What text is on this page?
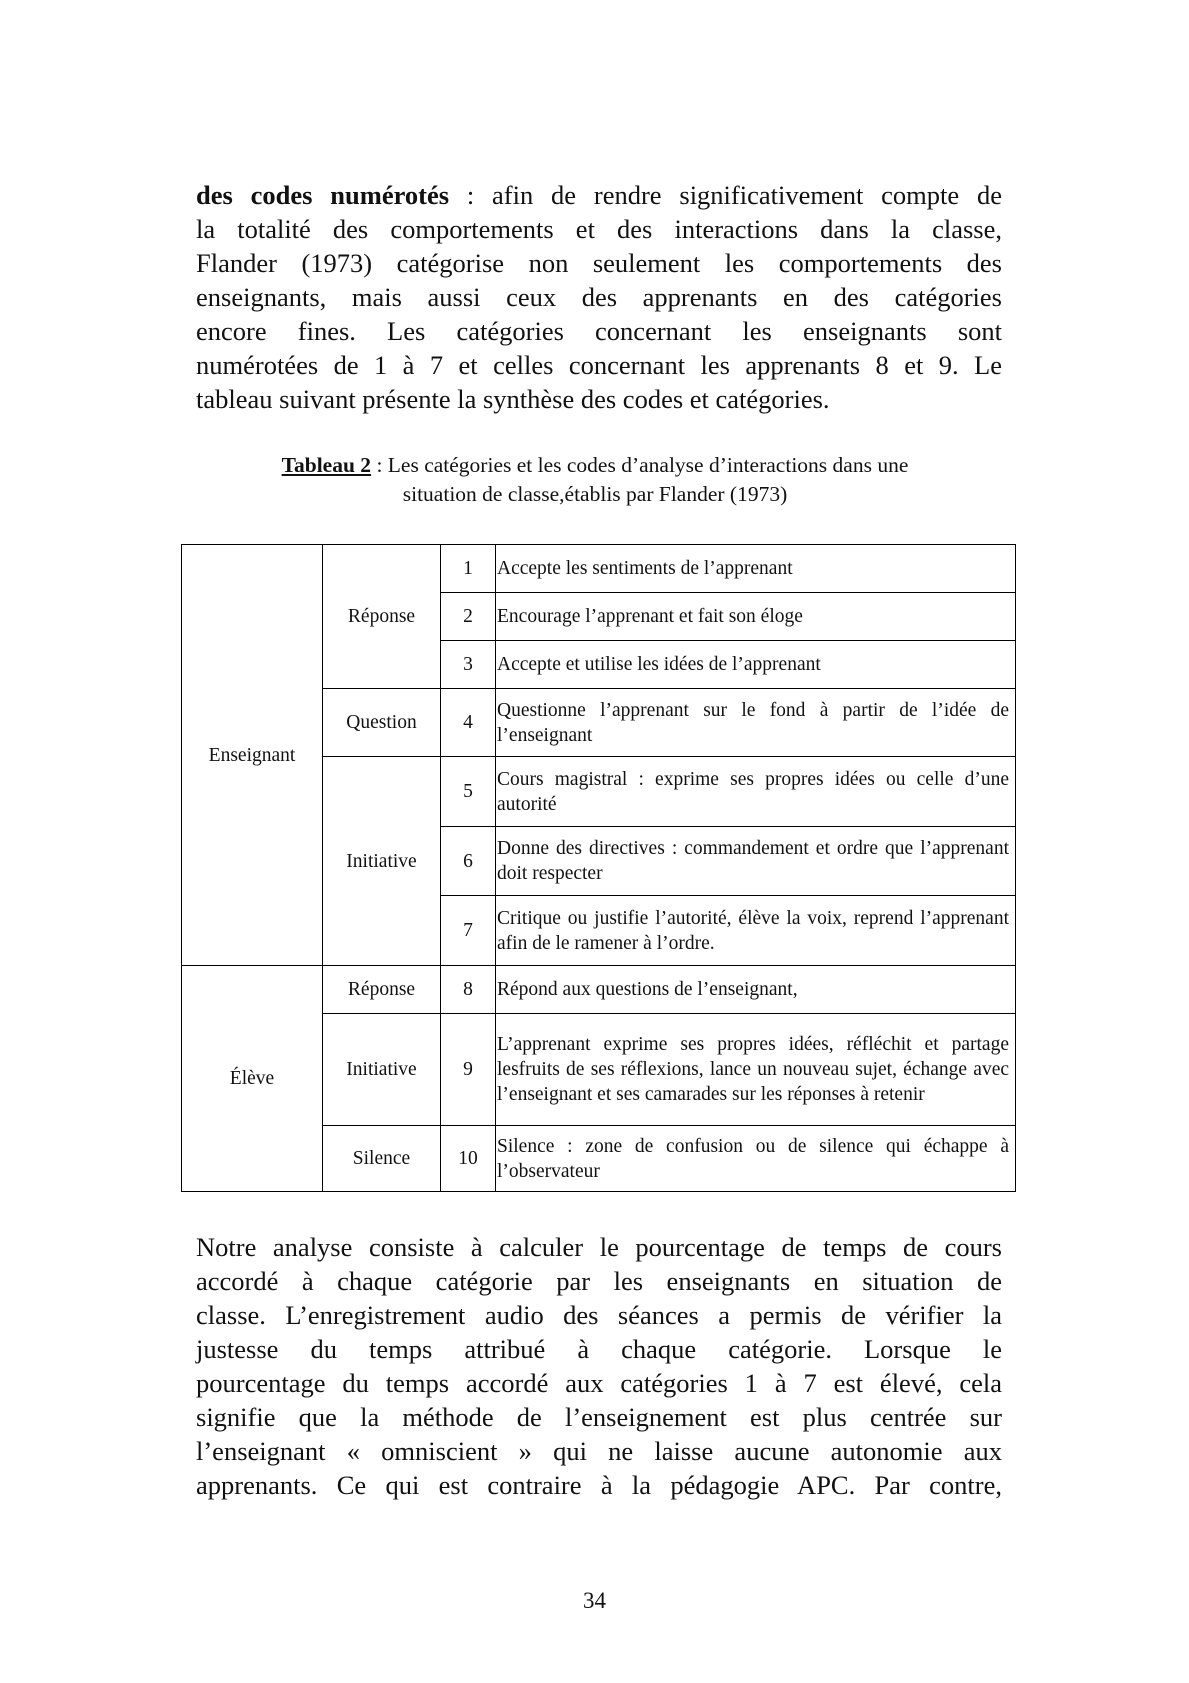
des codes numérotés : afin de rendre significativement compte de

la totalité des comportements et des interactions dans la classe,

Flander (1973) catégorise non seulement les comportements des

enseignants, mais aussi ceux des apprenants en des catégories

encore fines. Les catégories concernant les enseignants sont

numérotées de 1 à 7 et celles concernant les apprenants 8 et 9. Le

tableau suivant présente la synthèse des codes et catégories.

Tableau 2 : Les catégories et les codes d’analyse d’interactions dans une
situation de classe,établis par Flander (1973)
Enseignant	Réponse	1	Accepte les sentiments de l’apprenant
		2	Encourage l’apprenant et fait son éloge
		3	Accepte et utilise les idées de l’apprenant
	Question	4	Questionne l’apprenant sur le fond à partir de l’idée de l’enseignant
	Initiative	5	Cours magistral : exprime ses propres idées ou celle d’une autorité
		6	Donne des directives : commandement et ordre que l’apprenant doit respecter
		7	Critique ou justifie l’autorité, élève la voix, reprend l’apprenant afin de le ramener à l’ordre.
Élève	Réponse	8	Répond aux questions de l’enseignant,
	Initiative	9	L’apprenant exprime ses propres idées, réfléchit et partage lesfruits de ses réflexions, lance un nouveau sujet, échange avec l’enseignant et ses camarades sur les réponses à retenir
	Silence	10	Silence : zone de confusion ou de silence qui échappe à l’observateur

Notre analyse consiste à calculer le pourcentage de temps de cours

accordé à chaque catégorie par les enseignants en situation de

classe. L’enregistrement audio des séances a permis de vérifier la

justesse du temps attribué à chaque catégorie. Lorsque le

pourcentage du temps accordé aux catégories 1 à 7 est élevé, cela

signifie que la méthode de l’enseignement est plus centrée sur

l’enseignant « omniscient » qui ne laisse aucune autonomie aux

apprenants. Ce qui est contraire à la pédagogie APC. Par contre,

34
